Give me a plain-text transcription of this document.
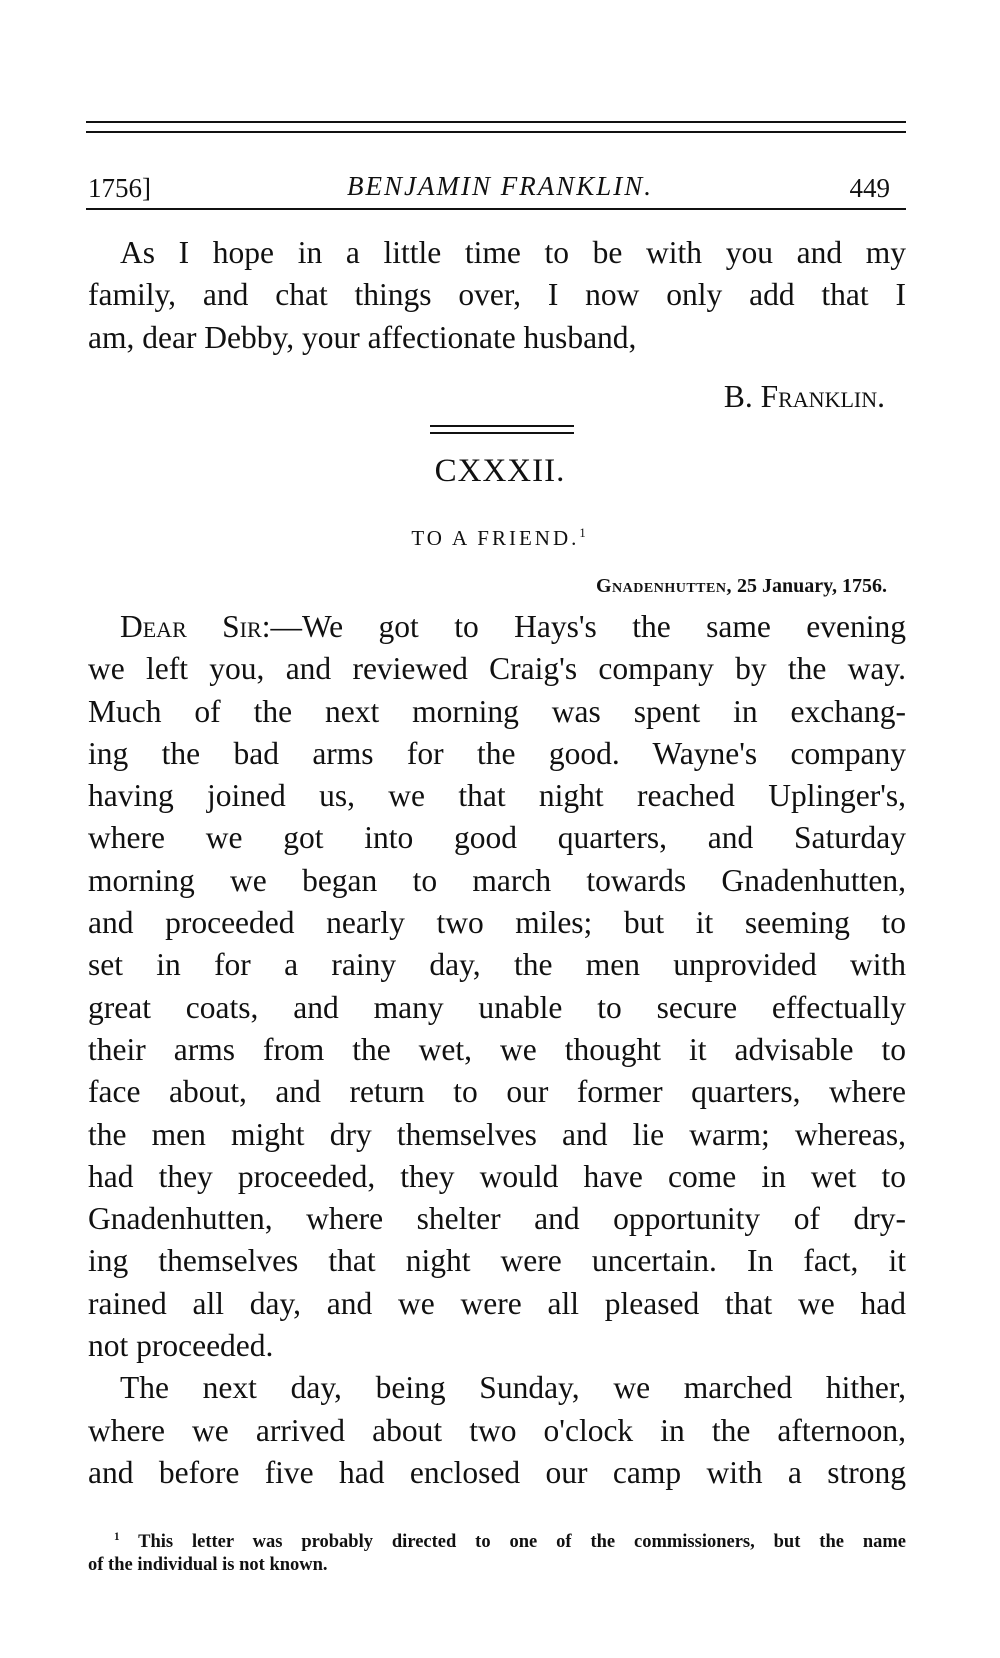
1756]	BENJAMIN FRANKLIN.	449
As I hope in a little time to be with you and my
family, and chat things over, I now only add that I
am, dear Debby, your affectionate husband,
B. Franklin.
CXXXII.
TO A FRIEND.$^1$
Gnadenhutten, 25 January, 1756.
Dear Sir:—We got to Hays's the same evening
we left you, and reviewed Craig's company by the way.
Much of the next morning was spent in exchang-
ing the bad arms for the good. Wayne's company
having joined us, we that night reached Uplinger's,
where we got into good quarters, and Saturday
morning we began to march towards Gnadenhutten,
and proceeded nearly two miles; but it seeming to
set in for a rainy day, the men unprovided with
great coats, and many unable to secure effectually
their arms from the wet, we thought it advisable to
face about, and return to our former quarters, where
the men might dry themselves and lie warm; whereas,
had they proceeded, they would have come in wet to
Gnadenhutten, where shelter and opportunity of dry-
ing themselves that night were uncertain. In fact, it
rained all day, and we were all pleased that we had
not proceeded.
The next day, being Sunday, we marched hither,
where we arrived about two o'clock in the afternoon,
and before five had enclosed our camp with a strong
$^1$ This letter was probably directed to one of the commissioners, but the name
of the individual is not known.
